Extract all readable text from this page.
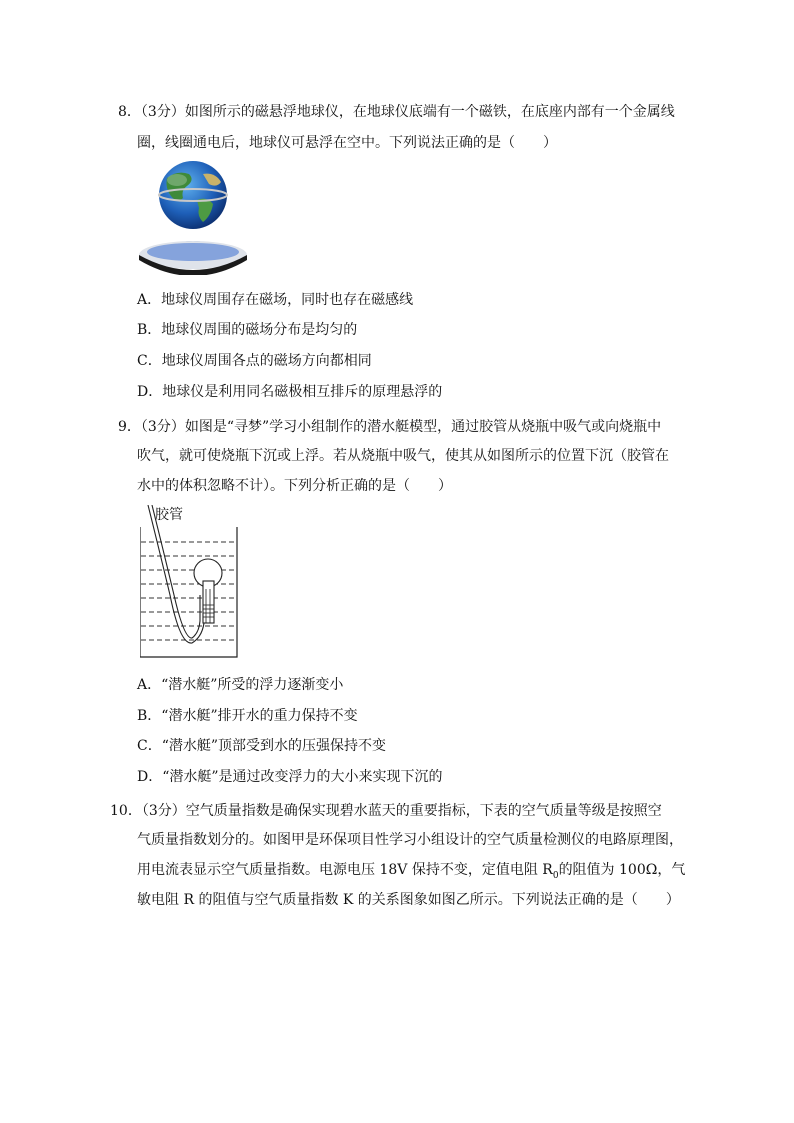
8．（3分）如图所示的磁悬浮地球仪，在地球仪底端有一个磁铁，在底座内部有一个金属线
圈，线圈通电后，地球仪可悬浮在空中。下列说法正确的是（ ）
A．地球仪周围存在磁场，同时也存在磁感线
B．地球仪周围的磁场分布是均匀的
C．地球仪周围各点的磁场方向都相同
D．地球仪是利用同名磁极相互排斥的原理悬浮的
9．（3分）如图是“寻梦”学习小组制作的潜水艇模型，通过胶管从烧瓶中吸气或向烧瓶中
吹气，就可使烧瓶下沉或上浮。若从烧瓶中吸气，使其从如图所示的位置下沉（胶管在
水中的体积忽略不计）。下列分析正确的是（ ）
胶管
A．“潜水艇”所受的浮力逐渐变小
B．“潜水艇”排开水的重力保持不变
C．“潜水艇”顶部受到水的压强保持不变
D．“潜水艇”是通过改变浮力的大小来实现下沉的
10．（3分）空气质量指数是确保实现碧水蓝天的重要指标，下表的空气质量等级是按照空
气质量指数划分的。如图甲是环保项目性学习小组设计的空气质量检测仪的电路原理图，
用电流表显示空气质量指数。电源电压 18V 保持不变，定值电阻 $R_0$的阻值为 100Ω，气
敏电阻 R 的阻值与空气质量指数 K 的关系图象如图乙所示。下列说法正确的是（ ）
